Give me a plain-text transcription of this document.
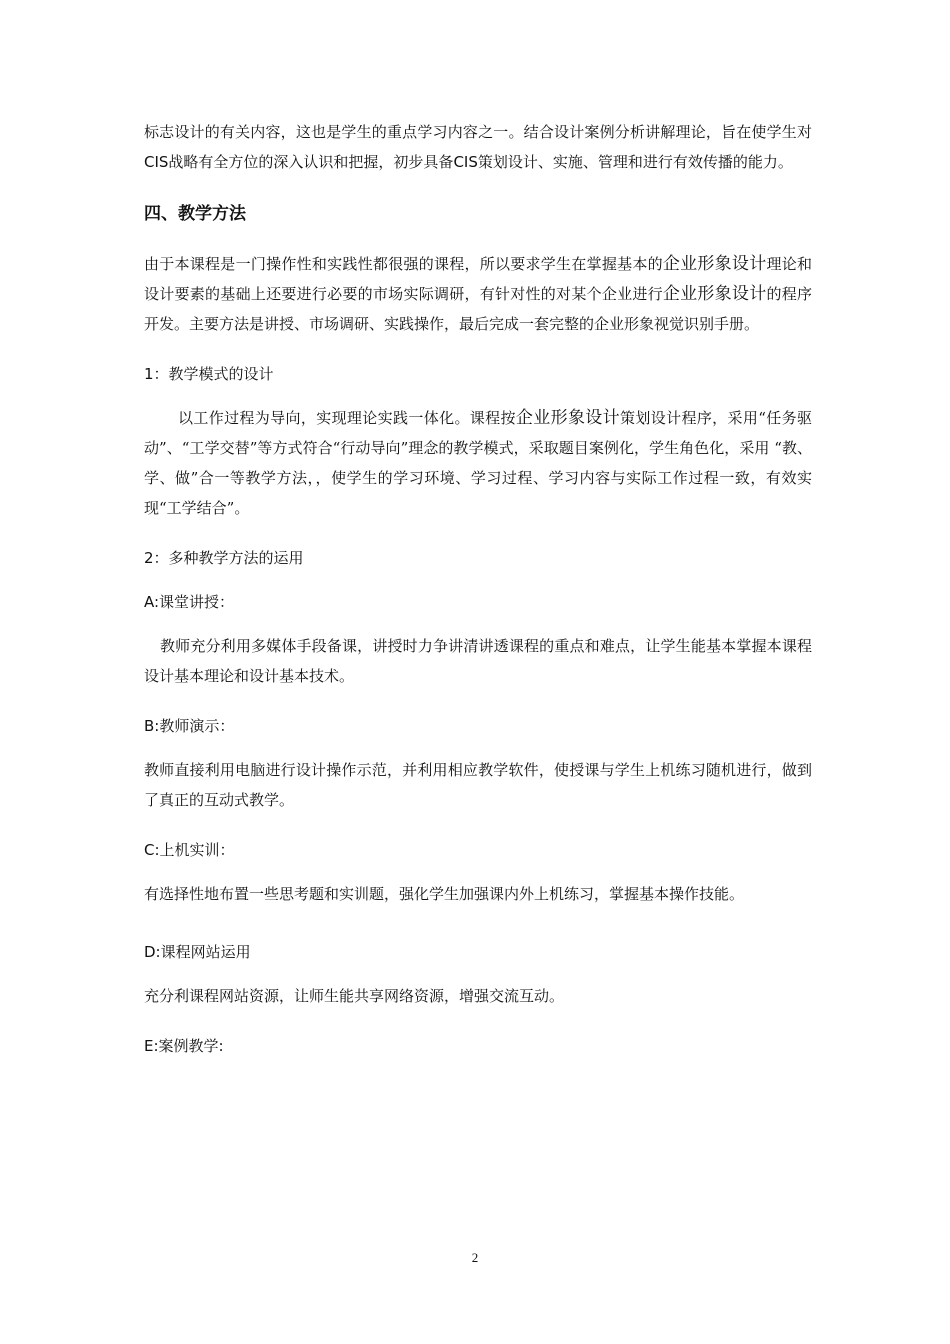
标志设计的有关内容，这也是学生的重点学习内容之一。结合设计案例分析讲解理论，旨在使学生对CIS战略有全方位的深入认识和把握，初步具备CIS策划设计、实施、管理和进行有效传播的能力。

四、教学方法

由于本课程是一门操作性和实践性都很强的课程，所以要求学生在掌握基本的企业形象设计理论和设计要素的基础上还要进行必要的市场实际调研，有针对性的对某个企业进行企业形象设计的程序开发。主要方法是讲授、市场调研、实践操作，最后完成一套完整的企业形象视觉识别手册。

1：教学模式的设计

以工作过程为导向，实现理论实践一体化。课程按企业形象设计策划设计程序，采用“任务驱动”、“工学交替”等方式符合“行动导向”理念的教学模式，采取题目案例化，学生角色化，采用 “教、学、做”合一等教学方法，，使学生的学习环境、学习过程、学习内容与实际工作过程一致，有效实现“工学结合”。

2：多种教学方法的运用

A:课堂讲授：

教师充分利用多媒体手段备课，讲授时力争讲清讲透课程的重点和难点，让学生能基本掌握本课程设计基本理论和设计基本技术。

B:教师演示：

教师直接利用电脑进行设计操作示范，并利用相应教学软件，使授课与学生上机练习随机进行，做到了真正的互动式教学。

C:上机实训：

有选择性地布置一些思考题和实训题，强化学生加强课内外上机练习，掌握基本操作技能。

D:课程网站运用

充分利课程网站资源，让师生能共享网络资源，增强交流互动。

E:案例教学:

2
